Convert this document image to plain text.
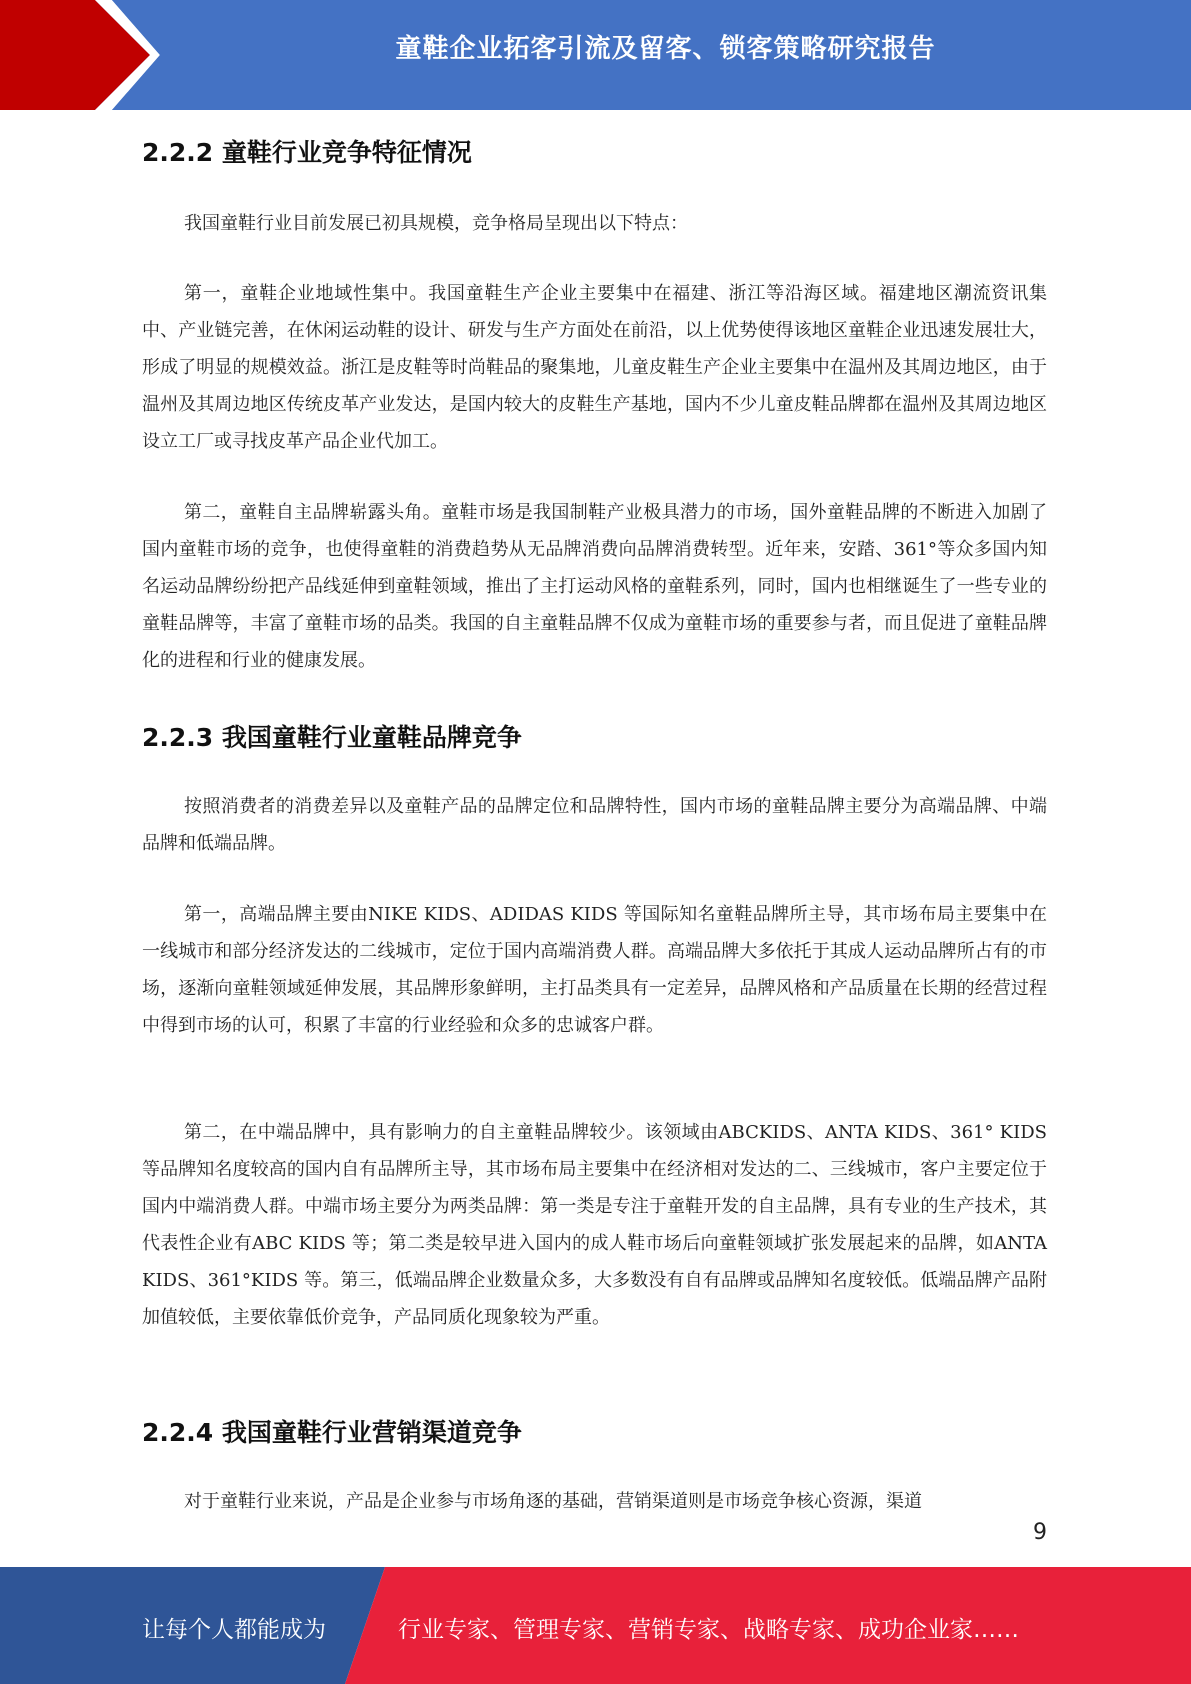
童鞋企业拓客引流及留客、锁客策略研究报告
2.2.2 童鞋行业竞争特征情况

我国童鞋行业目前发展已初具规模，竞争格局呈现出以下特点：

第一，童鞋企业地域性集中。我国童鞋生产企业主要集中在福建、浙江等沿海区域。福建地区潮流资讯集中、产业链完善，在休闲运动鞋的设计、研发与生产方面处在前沿，以上优势使得该地区童鞋企业迅速发展壮大，形成了明显的规模效益。浙江是皮鞋等时尚鞋品的聚集地，儿童皮鞋生产企业主要集中在温州及其周边地区，由于温州及其周边地区传统皮革产业发达，是国内较大的皮鞋生产基地，国内不少儿童皮鞋品牌都在温州及其周边地区设立工厂或寻找皮革产品企业代加工。

第二，童鞋自主品牌崭露头角。童鞋市场是我国制鞋产业极具潜力的市场，国外童鞋品牌的不断进入加剧了国内童鞋市场的竞争，也使得童鞋的消费趋势从无品牌消费向品牌消费转型。近年来，安踏、361°等众多国内知名运动品牌纷纷把产品线延伸到童鞋领域，推出了主打运动风格的童鞋系列，同时，国内也相继诞生了一些专业的童鞋品牌等，丰富了童鞋市场的品类。我国的自主童鞋品牌不仅成为童鞋市场的重要参与者，而且促进了童鞋品牌化的进程和行业的健康发展。

2.2.3 我国童鞋行业童鞋品牌竞争

按照消费者的消费差异以及童鞋产品的品牌定位和品牌特性，国内市场的童鞋品牌主要分为高端品牌、中端品牌和低端品牌。

第一，高端品牌主要由NIKE KIDS、ADIDAS KIDS 等国际知名童鞋品牌所主导，其市场布局主要集中在一线城市和部分经济发达的二线城市，定位于国内高端消费人群。高端品牌大多依托于其成人运动品牌所占有的市场，逐渐向童鞋领域延伸发展，其品牌形象鲜明，主打品类具有一定差异，品牌风格和产品质量在长期的经营过程中得到市场的认可，积累了丰富的行业经验和众多的忠诚客户群。

第二，在中端品牌中，具有影响力的自主童鞋品牌较少。该领域由ABCKIDS、ANTA KIDS、361° KIDS 等品牌知名度较高的国内自有品牌所主导，其市场布局主要集中在经济相对发达的二、三线城市，客户主要定位于国内中端消费人群。中端市场主要分为两类品牌：第一类是专注于童鞋开发的自主品牌，具有专业的生产技术，其代表性企业有ABC KIDS 等；第二类是较早进入国内的成人鞋市场后向童鞋领域扩张发展起来的品牌，如ANTA KIDS、361°KIDS 等。第三，低端品牌企业数量众多，大多数没有自有品牌或品牌知名度较低。低端品牌产品附加值较低，主要依靠低价竞争，产品同质化现象较为严重。

2.2.4 我国童鞋行业营销渠道竞争

对于童鞋行业来说，产品是企业参与市场角逐的基础，营销渠道则是市场竞争核心资源，渠道

9
让每个人都能成为	行业专家、管理专家、营销专家、战略专家、成功企业家……
